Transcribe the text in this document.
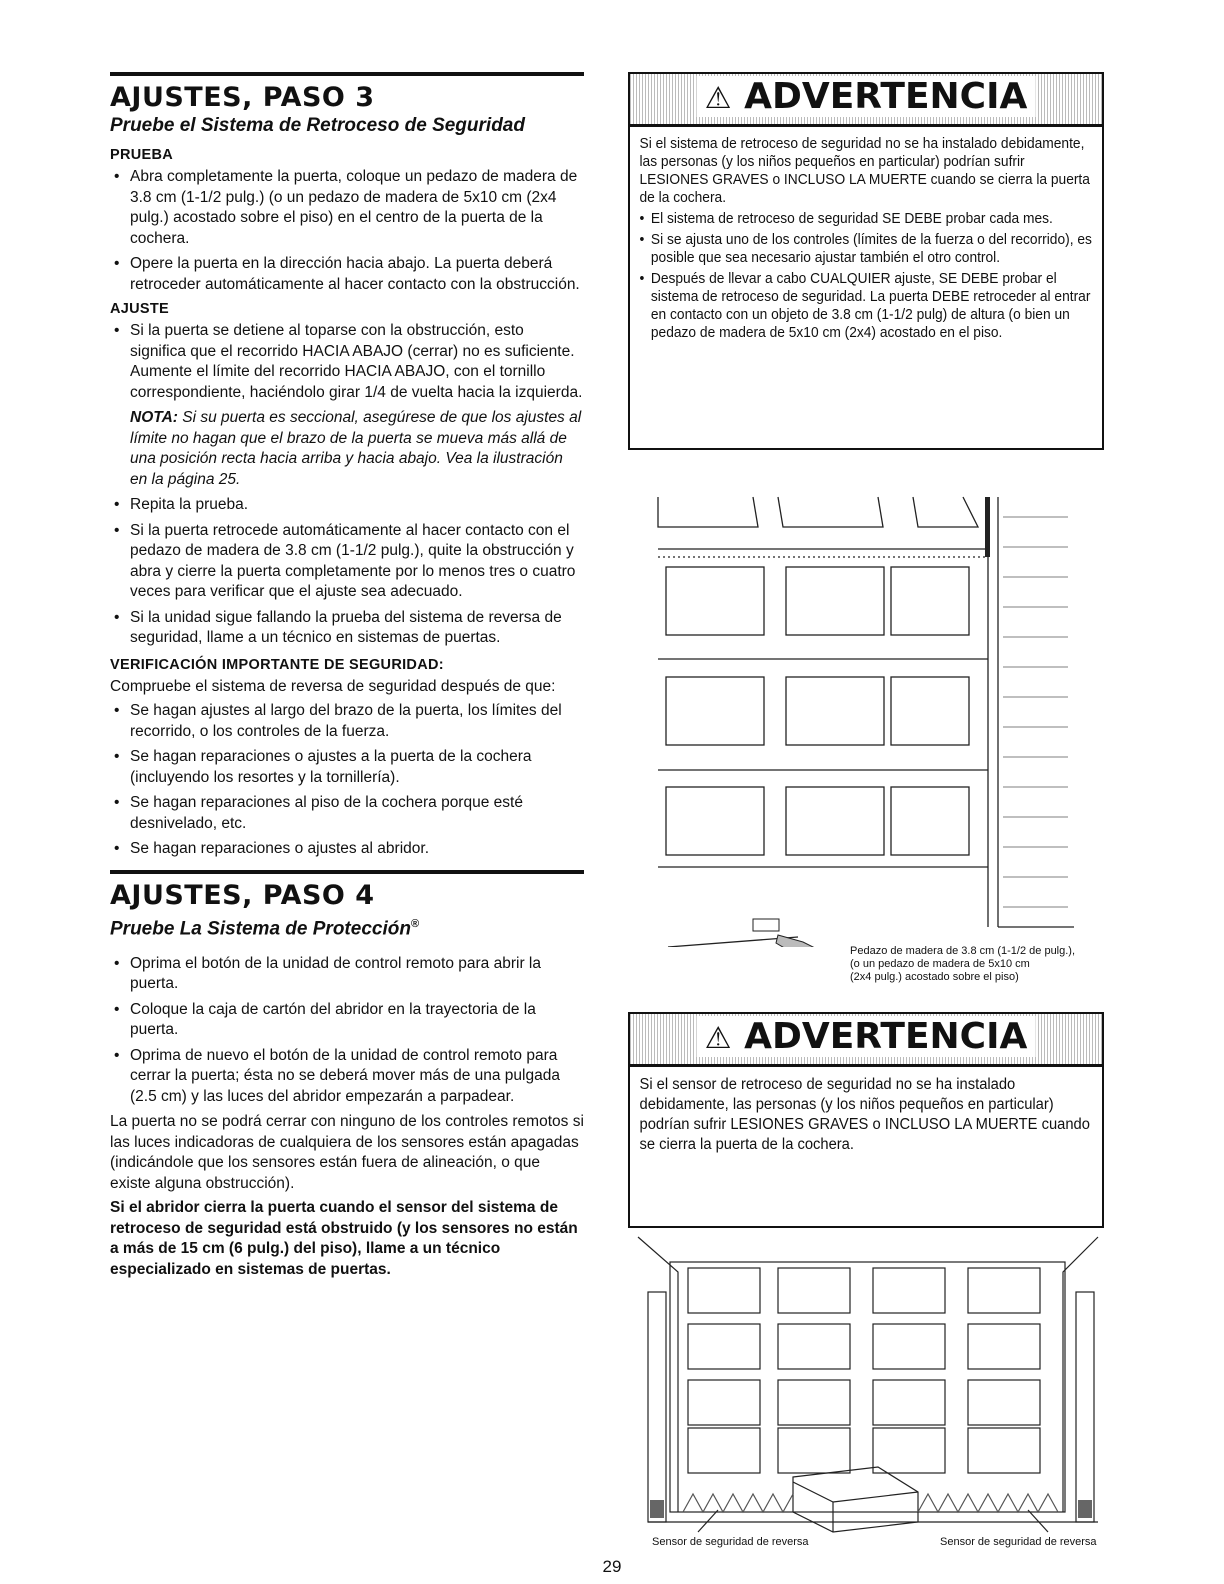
AJUSTES, PASO 3
Pruebe el Sistema de Retroceso de Seguridad
PRUEBA
• Abra completamente la puerta, coloque un pedazo de madera de 3.8 cm (1-1/2 pulg.) (o un pedazo de madera de 5x10 cm (2x4 pulg.) acostado sobre el piso) en el centro de la puerta de la cochera.
• Opere la puerta en la dirección hacia abajo. La puerta deberá retroceder automáticamente al hacer contacto con la obstrucción.
AJUSTE
• Si la puerta se detiene al toparse con la obstrucción, esto significa que el recorrido HACIA ABAJO (cerrar) no es suficiente. Aumente el límite del recorrido HACIA ABAJO, con el tornillo correspondiente, haciéndolo girar 1/4 de vuelta hacia la izquierda.
NOTA: Si su puerta es seccional, asegúrese de que los ajustes al límite no hagan que el brazo de la puerta se mueva más allá de una posición recta hacia arriba y hacia abajo. Vea la ilustración en la página 25.
• Repita la prueba.
• Si la puerta retrocede automáticamente al hacer contacto con el pedazo de madera de 3.8 cm (1-1/2 pulg.), quite la obstrucción y abra y cierre la puerta completamente por lo menos tres o cuatro veces para verificar que el ajuste sea adecuado.
• Si la unidad sigue fallando la prueba del sistema de reversa de seguridad, llame a un técnico en sistemas de puertas.
VERIFICACIÓN IMPORTANTE DE SEGURIDAD:
Compruebe el sistema de reversa de seguridad después de que:
• Se hagan ajustes al largo del brazo de la puerta, los límites del recorrido, o los controles de la fuerza.
• Se hagan reparaciones o ajustes a la puerta de la cochera (incluyendo los resortes y la tornillería).
• Se hagan reparaciones al piso de la cochera porque esté desnivelado, etc.
• Se hagan reparaciones o ajustes al abridor.
AJUSTES, PASO 4
Pruebe La Sistema de Protección®
• Oprima el botón de la unidad de control remoto para abrir la puerta.
• Coloque la caja de cartón del abridor en la trayectoria de la puerta.
• Oprima de nuevo el botón de la unidad de control remoto para cerrar la puerta; ésta no se deberá mover más de una pulgada (2.5 cm) y las luces del abridor empezarán a parpadear.
La puerta no se podrá cerrar con ninguno de los controles remotos si las luces indicadoras de cualquiera de los sensores están apagadas (indicándole que los sensores están fuera de alineación, o que existe alguna obstrucción).
Si el abridor cierra la puerta cuando el sensor del sistema de retroceso de seguridad está obstruido (y los sensores no están a más de 15 cm (6 pulg.) del piso), llame a un técnico especializado en sistemas de puertas.
⚠ ADVERTENCIA
Si el sistema de retroceso de seguridad no se ha instalado debidamente, las personas (y los niños pequeños en particular) podrían sufrir LESIONES GRAVES o INCLUSO LA MUERTE cuando se cierra la puerta de la cochera.
• El sistema de retroceso de seguridad SE DEBE probar cada mes.
• Si se ajusta uno de los controles (límites de la fuerza o del recorrido), es posible que sea necesario ajustar también el otro control.
• Después de llevar a cabo CUALQUIER ajuste, SE DEBE probar el sistema de retroceso de seguridad. La puerta DEBE retroceder al entrar en contacto con un objeto de 3.8 cm (1-1/2 pulg) de altura (o bien un pedazo de madera de 5x10 cm (2x4) acostado en el piso.
Pedazo de madera de 3.8 cm (1-1/2 de pulg.),
(o un pedazo de madera de 5x10 cm
(2x4 pulg.) acostado sobre el piso)
⚠ ADVERTENCIA
Si el sensor de retroceso de seguridad no se ha instalado debidamente, las personas (y los niños pequeños en particular) podrían sufrir LESIONES GRAVES o INCLUSO LA MUERTE cuando se cierra la puerta de la cochera.
Sensor de seguridad de reversa	Sensor de seguridad de reversa
29
